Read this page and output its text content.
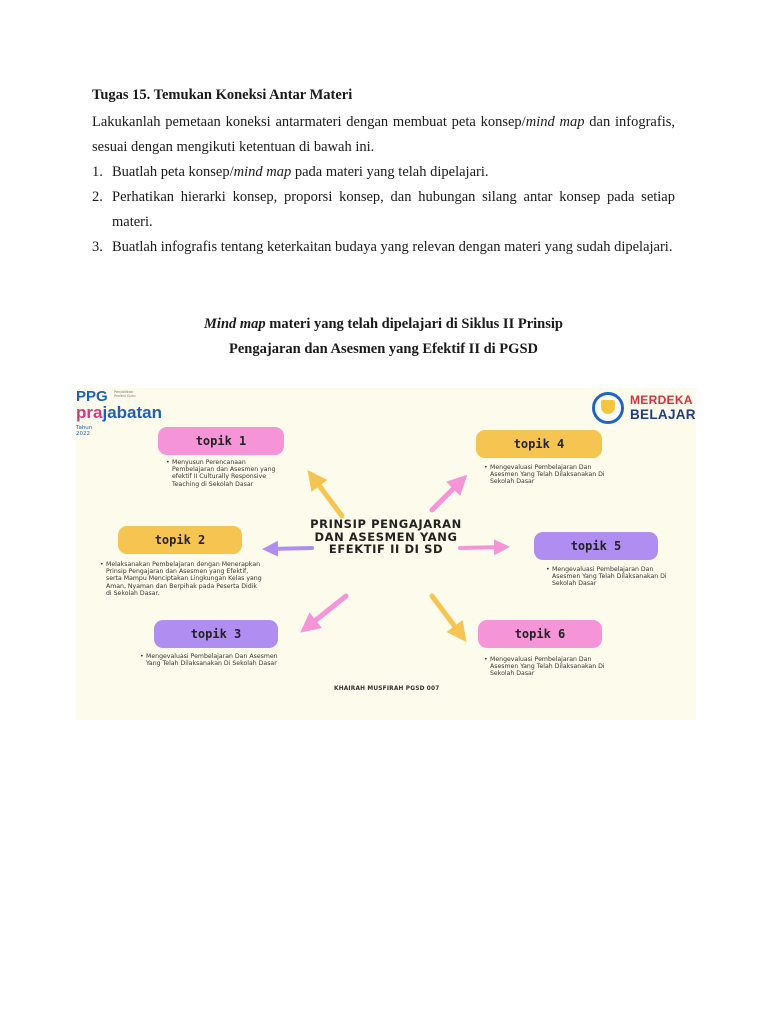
Tugas 15. Temukan Koneksi Antar Materi
Lakukanlah pemetaan koneksi antarmateri dengan membuat peta konsep/mind map dan infografis, sesuai dengan mengikuti ketentuan di bawah ini.
1. Buatlah peta konsep/mind map pada materi yang telah dipelajari.
2. Perhatikan hierarki konsep, proporsi konsep, dan hubungan silang antar konsep pada setiap materi.
3. Buatlah infografis tentang keterkaitan budaya yang relevan dengan materi yang sudah dipelajari.
Mind map materi yang telah dipelajari di Siklus II Prinsip
Pengajaran dan Asesmen yang Efektif II di PGSD
PPG Pendidikan Profesi Guru
prajabatan
Tahun 2022
MERDEKA
BELAJAR
PRINSIP PENGAJARAN DAN ASESMEN YANG EFEKTIF II DI SD
topik 1
• Menyusun Perencanaan Pembelajaran dan Asesmen yang efektif II Culturally Responsive Teaching di Sekolah Dasar
topik 4
• Mengevaluasi Pembelajaran Dan Asesmen Yang Telah Dilaksanakan Di Sekolah Dasar
topik 2
• Melaksanakan Pembelajaran dengan Menerapkan Prinsip Pengajaran dan Asesmen yang Efektif, serta Mampu Menciptakan Lingkungan Kelas yang Aman, Nyaman dan Berpihak pada Peserta Didik di Sekolah Dasar.
topik 5
• Mengevaluasi Pembelajaran Dan Asesmen Yang Telah Dilaksanakan Di Sekolah Dasar
topik 3
• Mengevaluasi Pembelajaran Dan Asesmen Yang Telah Dilaksanakan Di Sekolah Dasar
topik 6
• Mengevaluasi Pembelajaran Dan Asesmen Yang Telah Dilaksanakan Di Sekolah Dasar
KHAIRAH MUSFIRAH PGSD 007
